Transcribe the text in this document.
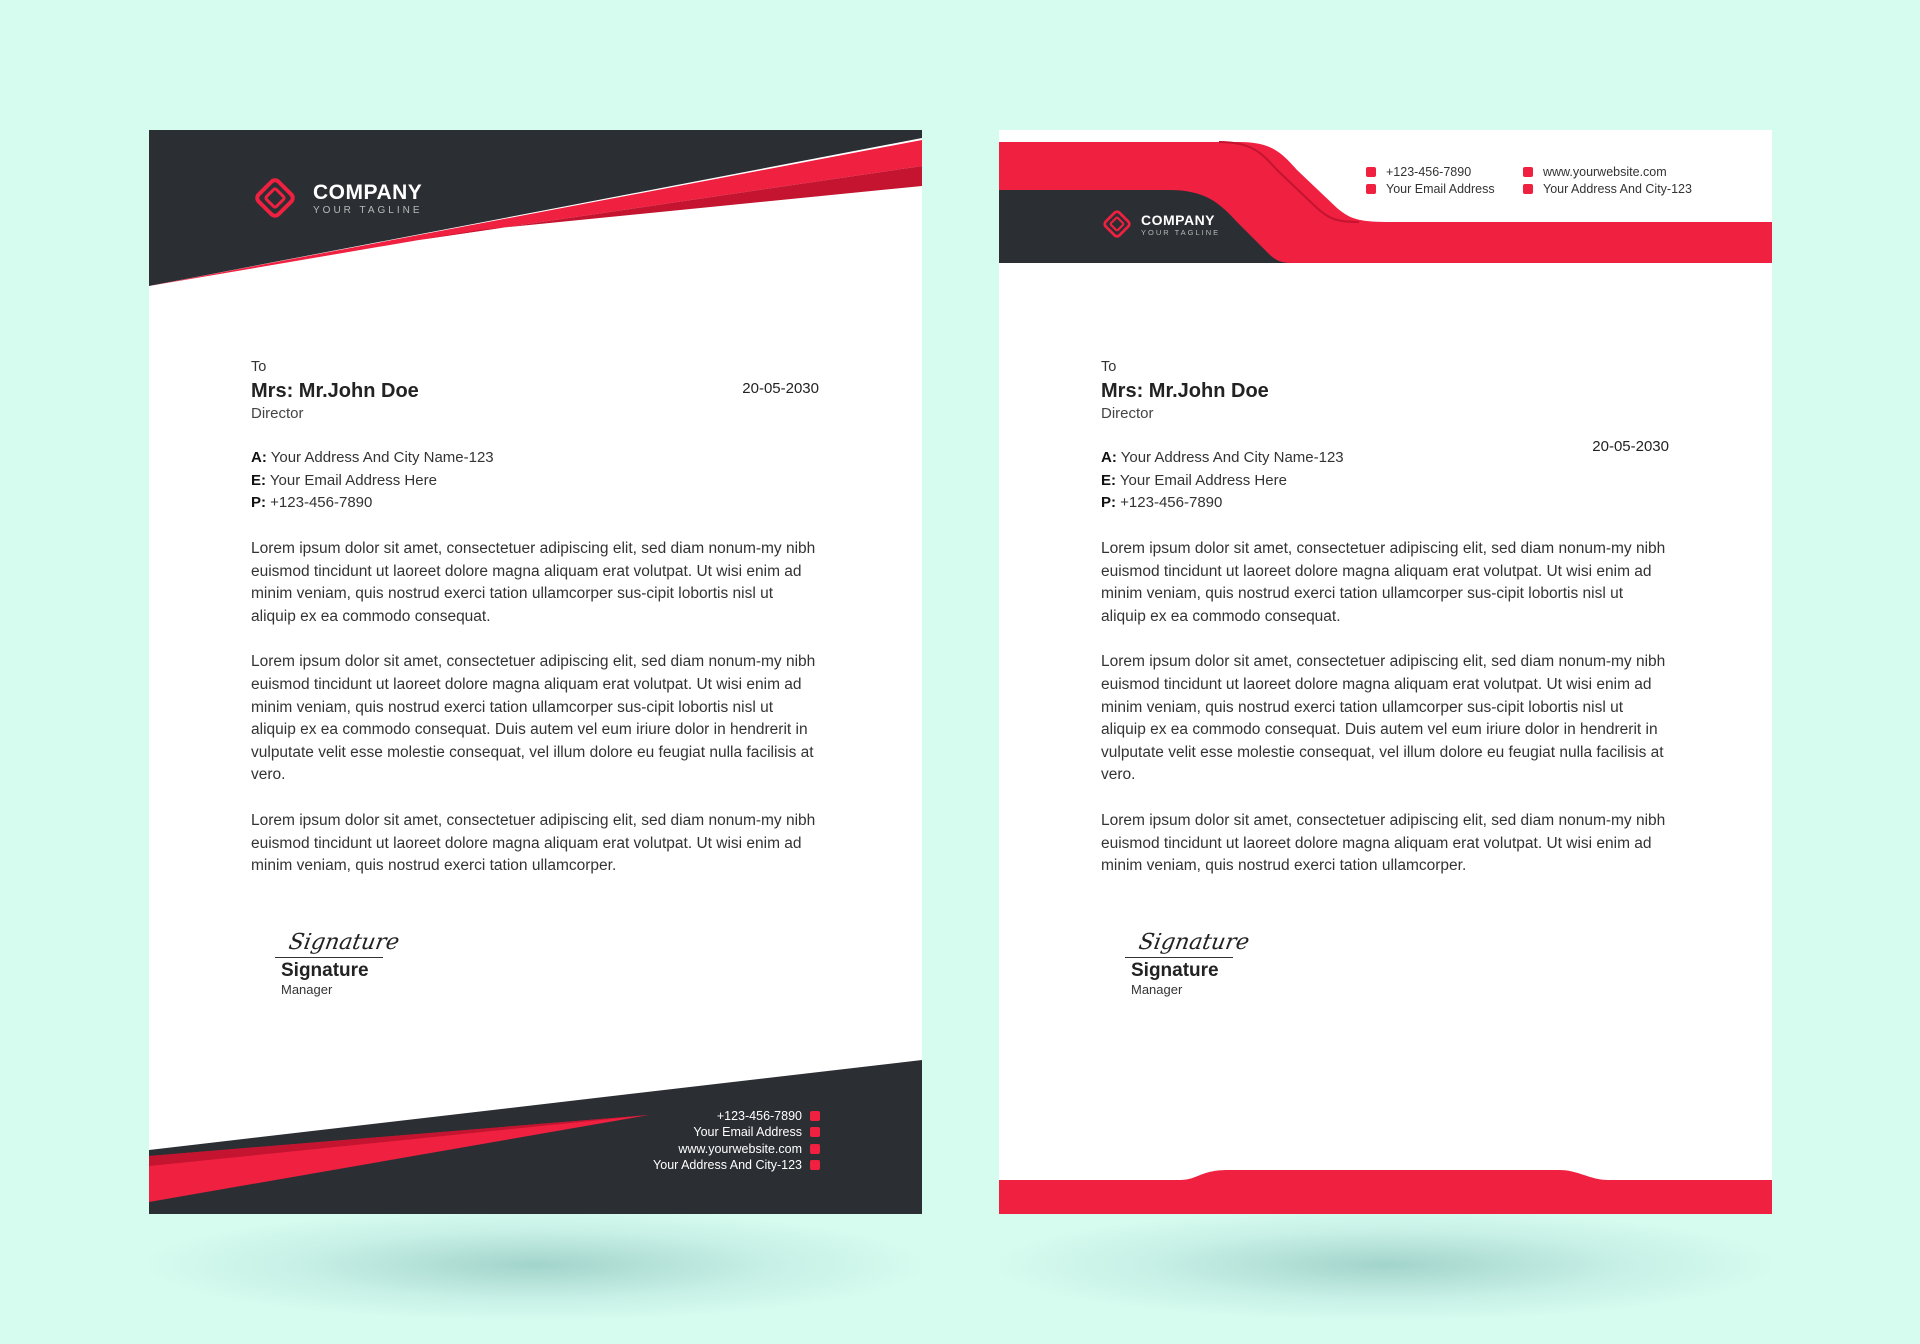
COMPANY
YOUR TAGLINE
20-05-2030
To
Mrs: Mr.John Doe
Director
A: Your Address And City Name-123
E: Your Email Address Here
P: +123-456-7890

Lorem ipsum dolor sit amet, consectetuer adipiscing elit, sed diam nonum-my nibh euismod tincidunt ut laoreet dolore magna aliquam erat volutpat. Ut wisi enim ad minim veniam, quis nostrud exerci tation ullamcorper sus-cipit lobortis nisl ut aliquip ex ea commodo consequat.

Lorem ipsum dolor sit amet, consectetuer adipiscing elit, sed diam nonum-my nibh euismod tincidunt ut laoreet dolore magna aliquam erat volutpat. Ut wisi enim ad minim veniam, quis nostrud exerci tation ullamcorper sus-cipit lobortis nisl ut aliquip ex ea commodo consequat. Duis autem vel eum iriure dolor in hendrerit in vulputate velit esse molestie consequat, vel illum dolore eu feugiat nulla facilisis at vero.

Lorem ipsum dolor sit amet, consectetuer adipiscing elit, sed diam nonum-my nibh euismod tincidunt ut laoreet dolore magna aliquam erat volutpat. Ut wisi enim ad minim veniam, quis nostrud exerci tation ullamcorper.

Signature
Signature
Manager
+123-456-7890
Your Email Address
www.yourwebsite.com
Your Address And City-123
COMPANY
YOUR TAGLINE
+123-456-7890
Your Email Address
www.yourwebsite.com
Your Address And City-123
20-05-2030
To
Mrs: Mr.John Doe
Director
A: Your Address And City Name-123
E: Your Email Address Here
P: +123-456-7890

Lorem ipsum dolor sit amet, consectetuer adipiscing elit, sed diam nonum-my nibh euismod tincidunt ut laoreet dolore magna aliquam erat volutpat. Ut wisi enim ad minim veniam, quis nostrud exerci tation ullamcorper sus-cipit lobortis nisl ut aliquip ex ea commodo consequat.

Lorem ipsum dolor sit amet, consectetuer adipiscing elit, sed diam nonum-my nibh euismod tincidunt ut laoreet dolore magna aliquam erat volutpat. Ut wisi enim ad minim veniam, quis nostrud exerci tation ullamcorper sus-cipit lobortis nisl ut aliquip ex ea commodo consequat. Duis autem vel eum iriure dolor in hendrerit in vulputate velit esse molestie consequat, vel illum dolore eu feugiat nulla facilisis at vero.

Lorem ipsum dolor sit amet, consectetuer adipiscing elit, sed diam nonum-my nibh euismod tincidunt ut laoreet dolore magna aliquam erat volutpat. Ut wisi enim ad minim veniam, quis nostrud exerci tation ullamcorper.

Signature
Signature
Manager
